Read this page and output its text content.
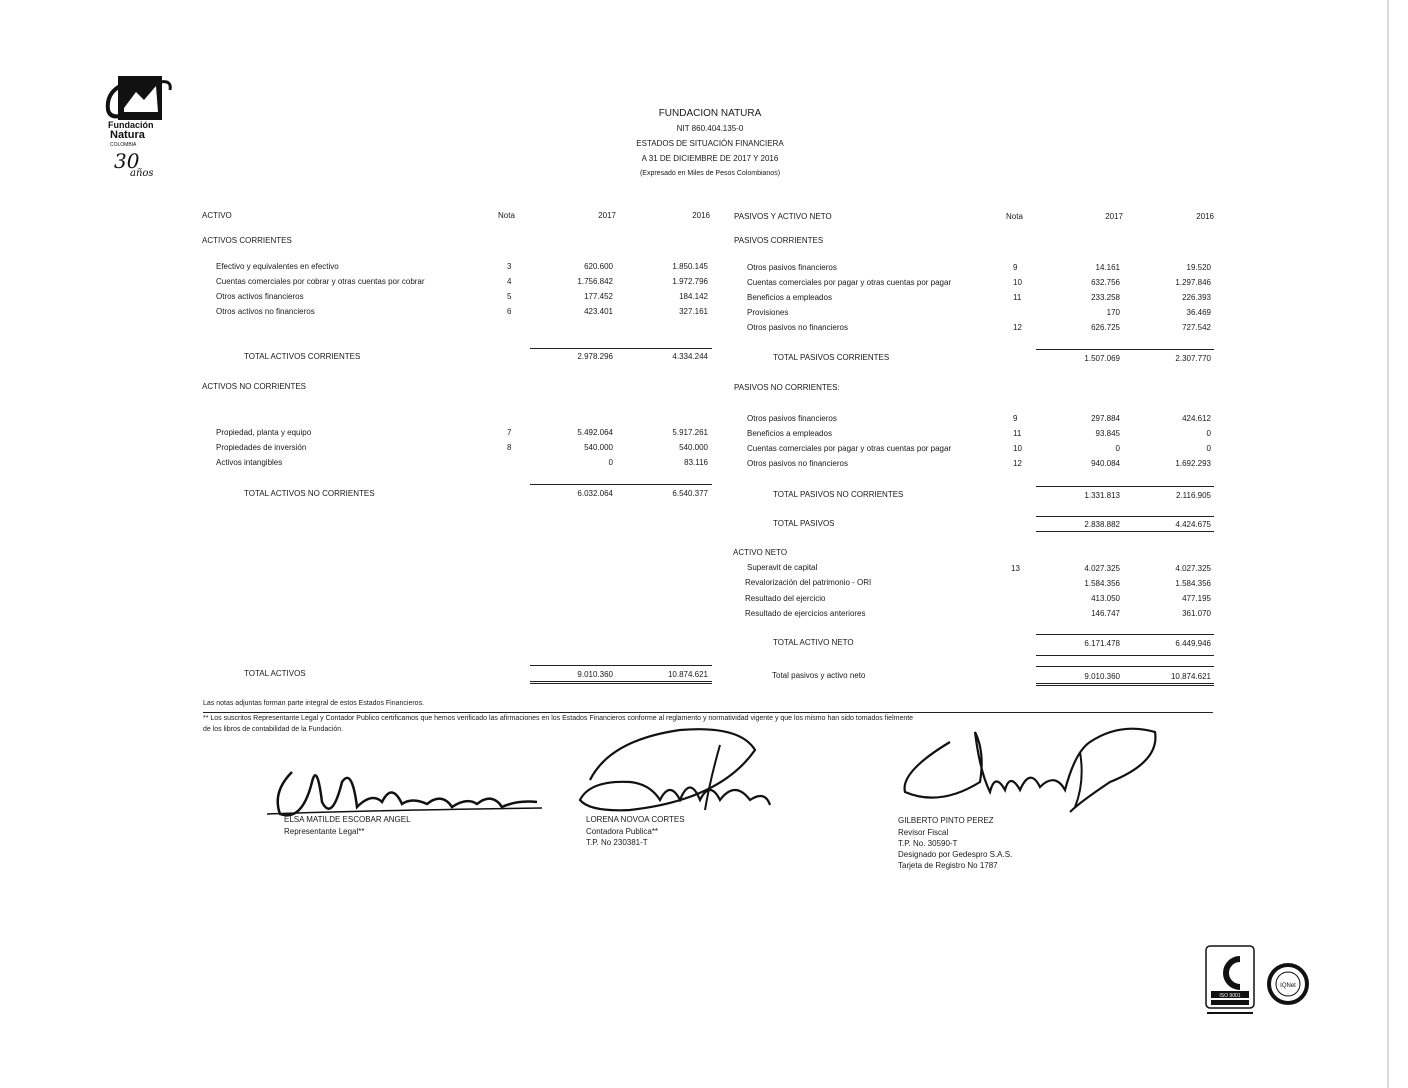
Fundación
Natura
COLOMBIA
30
años
FUNDACION NATURA
NIT 860.404.135-0
ESTADOS DE SITUACIÓN FINANCIERA
A 31 DE DICIEMBRE DE 2017 Y 2016
(Expresado en Miles de Pesos Colombianos)
ACTIVO	Nota	2017	2016
ACTIVOS CORRIENTES
Efectivo y equivalentes en efectivo	3	620.600	1.850.145
Cuentas comerciales por cobrar y otras cuentas por cobrar	4	1.756.842	1.972.796
Otros activos financieros	5	177.452	184.142
Otros activos no financieros	6	423.401	327.161
TOTAL ACTIVOS CORRIENTES	2.978.296	4.334.244
ACTIVOS NO CORRIENTES
Propiedad, planta y equipo	7	5.492.064	5.917.261
Propiedades de inversión	8	540.000	540.000
Activos intangibles	0	83.116
TOTAL ACTIVOS NO CORRIENTES	6.032.064	6.540.377
TOTAL ACTIVOS	9.010.360	10.874.621
PASIVOS Y ACTIVO NETO	Nota	2017	2016
PASIVOS CORRIENTES
Otros pasivos financieros	9	14.161	19.520
Cuentas comerciales por pagar y otras cuentas por pagar	10	632.756	1.297.846
Beneficios a empleados	11	233.258	226.393
Provisiones	170	36.469
Otros pasivos no financieros	12	626.725	727.542
TOTAL PASIVOS CORRIENTES	1.507.069	2.307.770
PASIVOS NO CORRIENTES:
Otros pasivos financieros	9	297.884	424.612
Beneficios a empleados	11	93.845	0
Cuentas comerciales por pagar y otras cuentas por pagar	10	0	0
Otros pasivos no financieros	12	940.084	1.692.293
TOTAL PASIVOS NO CORRIENTES	1.331.813	2.116.905
TOTAL PASIVOS	2.838.882	4.424.675
ACTIVO NETO
Superavit de capital	13	4.027.325	4.027.325
Revalorización del patrimonio - ORI	1.584.356	1.584.356
Resultado del ejercicio	413.050	477.195
Resultado de ejercicios anteriores	146.747	361.070
TOTAL ACTIVO NETO	6.171.478	6.449.946
Total pasivos y activo neto	9.010.360	10.874.621
Las notas adjuntas forman parte integral de estos Estados Financieros.
** Los suscritos Representante Legal y Contador Publico certificamos que hemos verificado las afirmaciones en los Estados Financieros conforme al reglamento y normatividad vigente y que los mismo han sido tomados fielmente
de los libros de contabilidad de la Fundación.
ELSA MATILDE ESCOBAR ANGEL
Representante Legal**
LORENA NOVOA CORTES
Contadora Publica**
T.P. No 230381-T
GILBERTO PINTO PEREZ
Revisor Fiscal
T.P. No. 30590-T
Designado por Gedespro S.A.S.
Tarjeta de Registro No 1787
ISO 9001
IQNet
